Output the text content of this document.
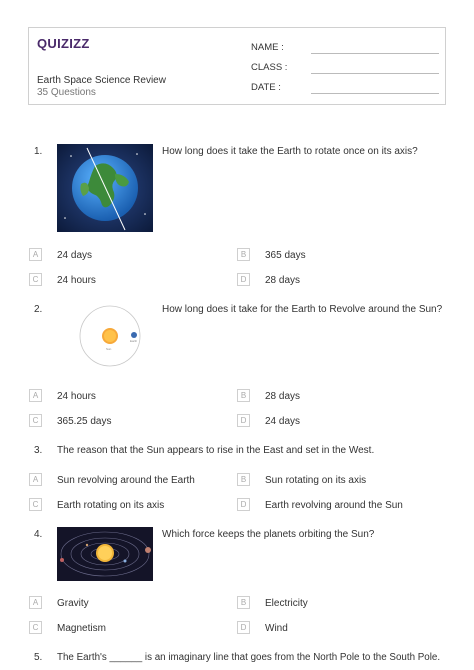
QUIZIZZ
Earth Space Science Review
35 Questions
NAME :
CLASS :
DATE :
1.	How long does it take the Earth to rotate once on its axis?
A	24 days	B	365 days
C	24 hours	D	28 days
2.
Sun
Earth
How long does it take for the Earth to Revolve around the Sun?
A	24 hours	B	28 days
C	365.25 days	D	24 days
3. The reason that the Sun appears to rise in the East and set in the West.
A	Sun revolving around the Earth	B	Sun rotating on its axis
C	Earth rotating on its axis	D	Earth revolving around the Sun
4.	Which force keeps the planets orbiting the Sun?
A	Gravity	B	Electricity
C	Magnetism	D	Wind
5. The Earth's ______ is an imaginary line that goes from the North Pole to the South Pole.
